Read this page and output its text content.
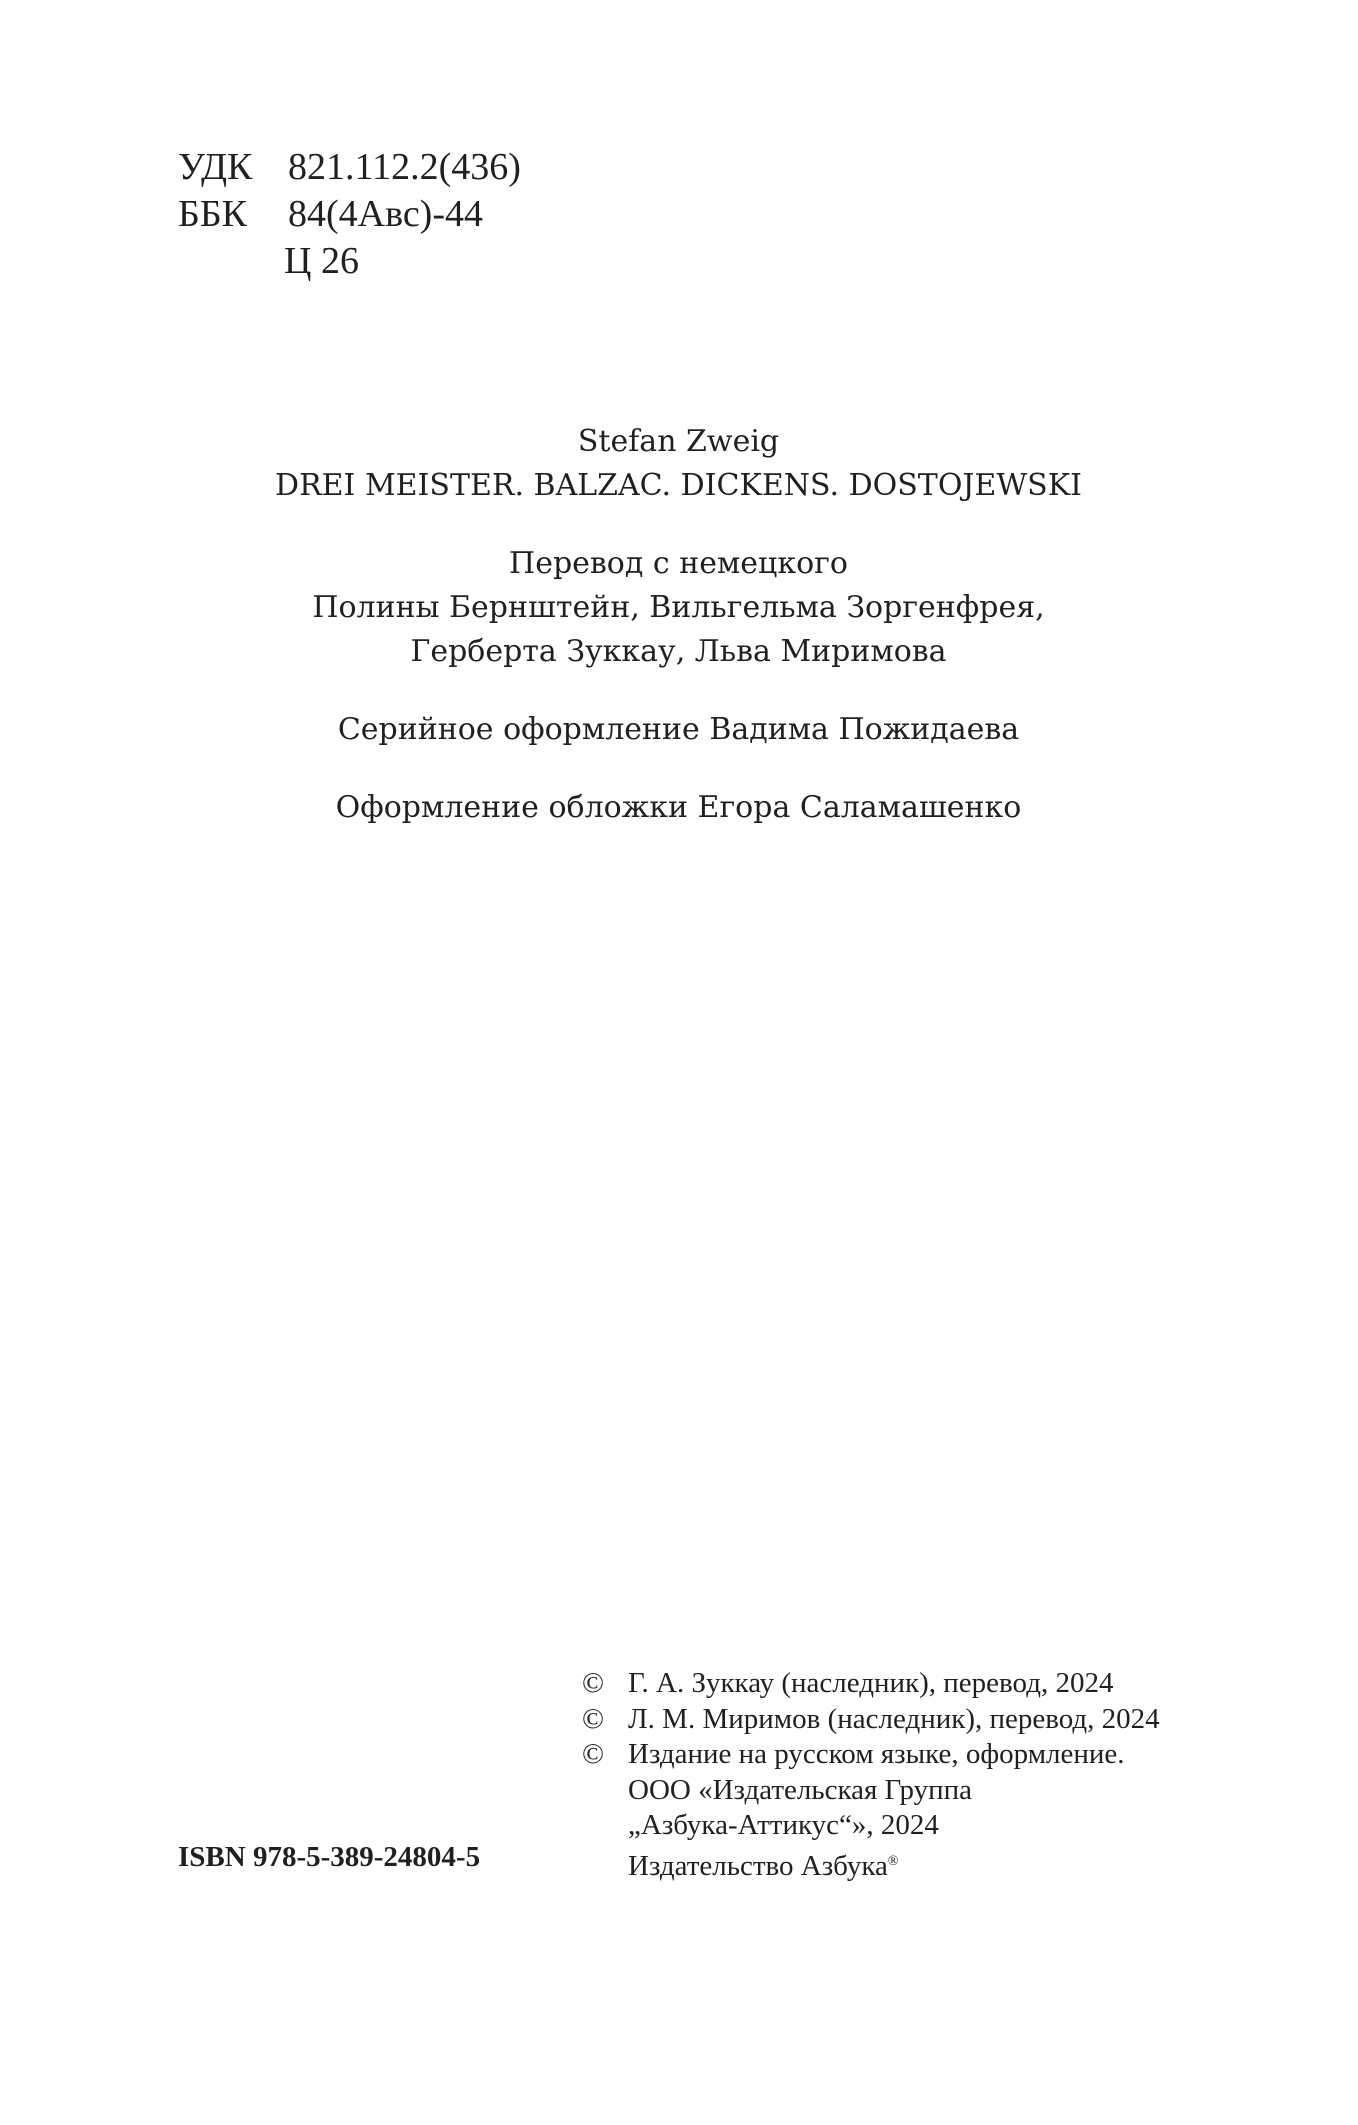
УДК 821.112.2(436)
ББК 84(4Авс)-44
Ц 26
Stefan Zweig
DREI MEISTER. BALZAC. DICKENS. DOSTOJEWSKI
Перевод с немецкого
Полины Бернштейн, Вильгельма Зоргенфрея,
Герберта Зуккау, Льва Миримова
Серийное оформление Вадима Пожидаева
Оформление обложки Егора Саламашенко
© Г. А. Зуккау (наследник), перевод, 2024
© Л. М. Миримов (наследник), перевод, 2024
© Издание на русском языке, оформление.
ООО «Издательская Группа
„Азбука-Аттикус“», 2024
Издательство Азбука®
ISBN 978-5-389-24804-5
